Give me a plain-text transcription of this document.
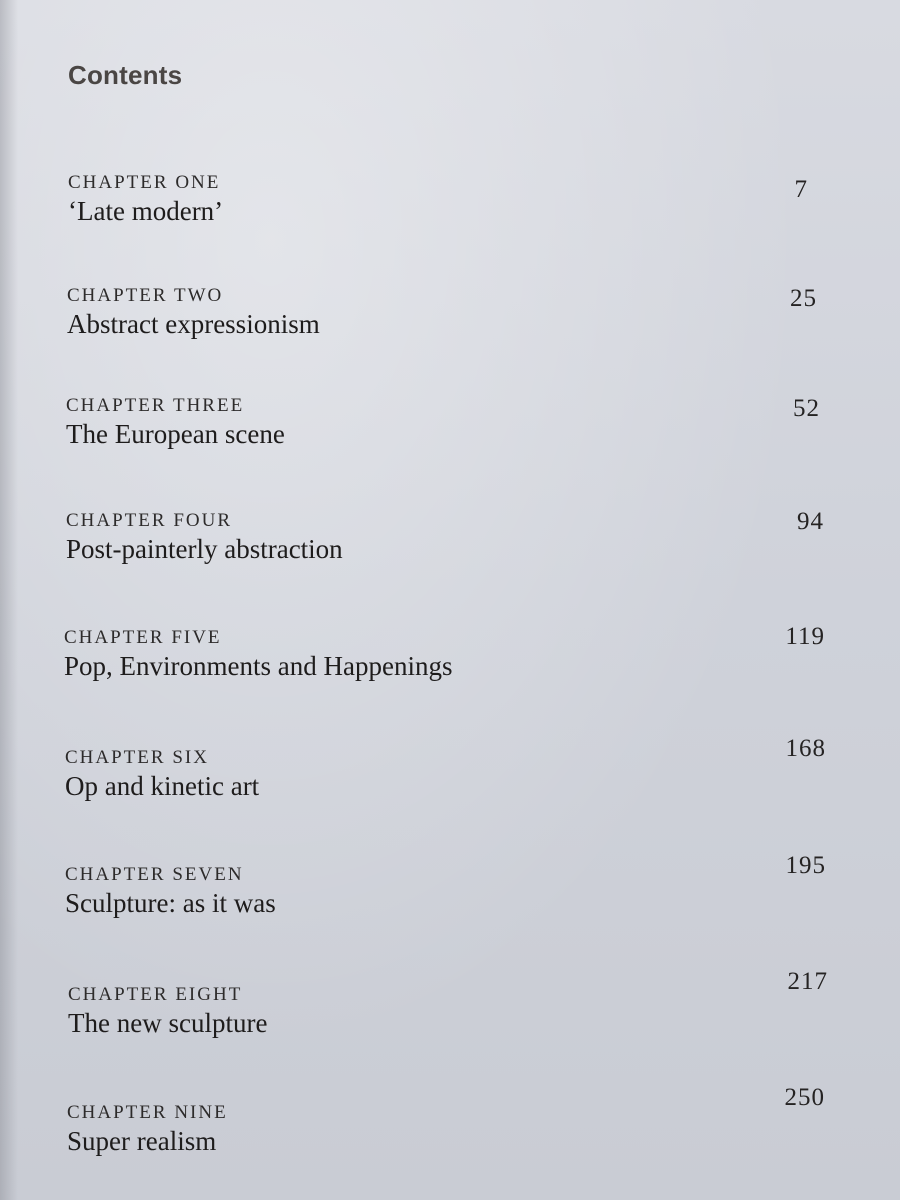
Contents
CHAPTER ONE
‘Late modern’
7
CHAPTER TWO
Abstract expressionism
25
CHAPTER THREE
The European scene
52
CHAPTER FOUR
Post-painterly abstraction
94
CHAPTER FIVE
Pop, Environments and Happenings
119
CHAPTER SIX
Op and kinetic art
168
CHAPTER SEVEN
Sculpture: as it was
195
CHAPTER EIGHT
The new sculpture
217
CHAPTER NINE
Super realism
250
